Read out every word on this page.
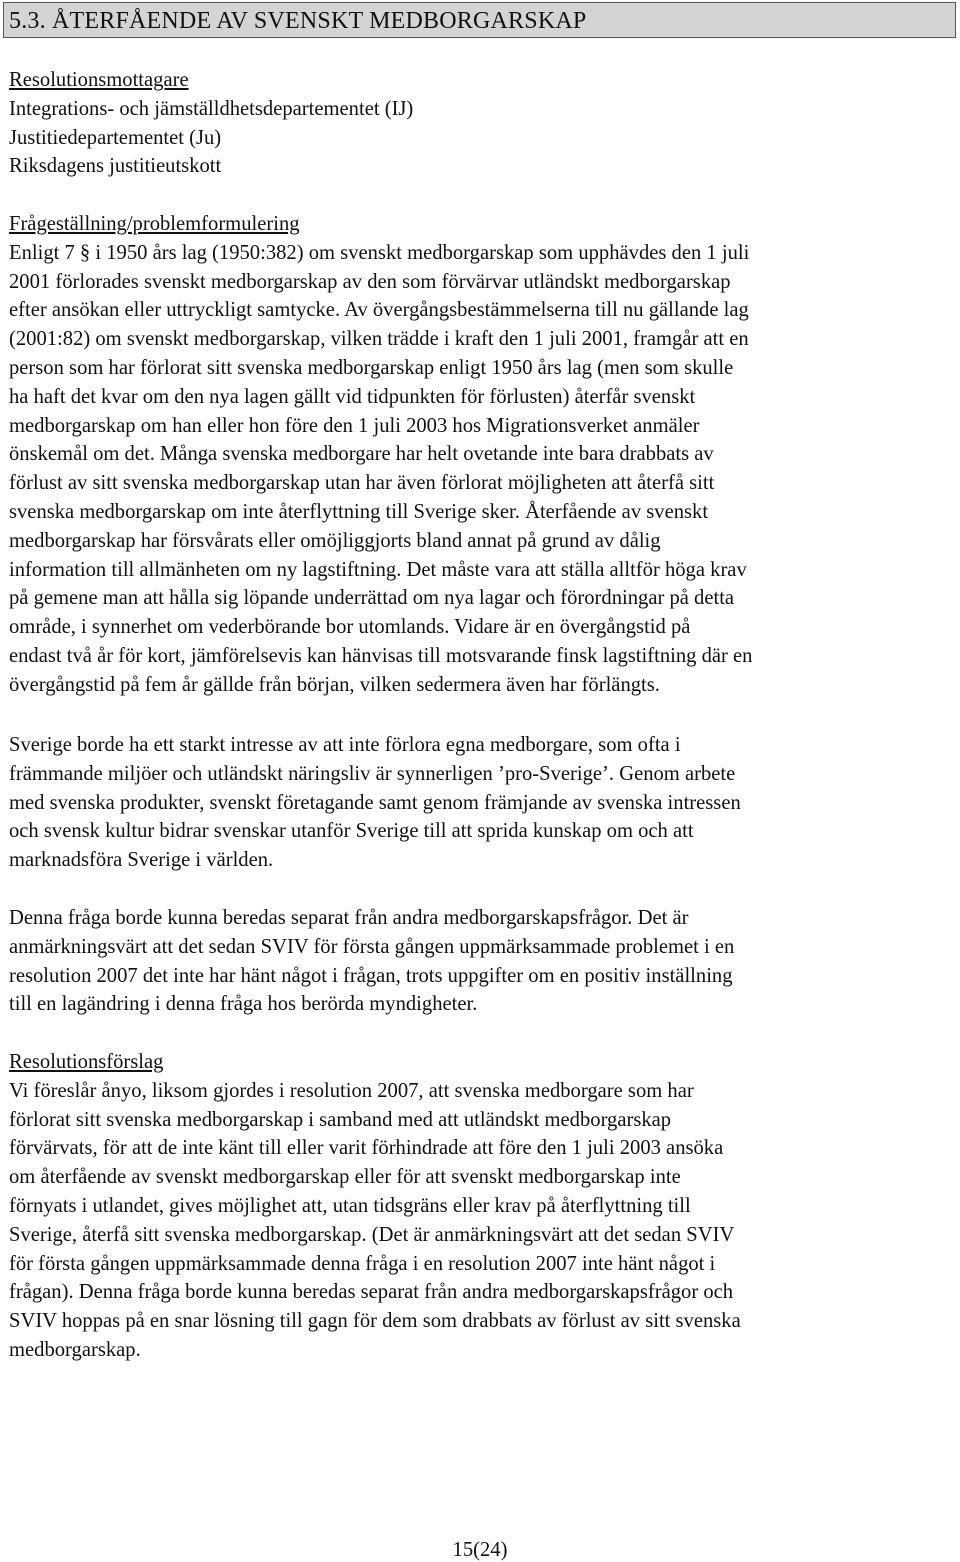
5.3. ÅTERFÅENDE AV SVENSKT MEDBORGARSKAP
Resolutionsmottagare
Integrations- och jämställdhetsdepartementet (IJ)
Justitiedepartementet (Ju)
Riksdagens justitieutskott
Frågeställning/problemformulering
Enligt 7 § i 1950 års lag (1950:382) om svenskt medborgarskap som upphävdes den 1 juli
2001 förlorades svenskt medborgarskap av den som förvärvar utländskt medborgarskap
efter ansökan eller uttryckligt samtycke. Av övergångsbestämmelserna till nu gällande lag
(2001:82) om svenskt medborgarskap, vilken trädde i kraft den 1 juli 2001, framgår att en
person som har förlorat sitt svenska medborgarskap enligt 1950 års lag (men som skulle
ha haft det kvar om den nya lagen gällt vid tidpunkten för förlusten) återfår svenskt
medborgarskap om han eller hon före den 1 juli 2003 hos Migrationsverket anmäler
önskemål om det. Många svenska medborgare har helt ovetande inte bara drabbats av
förlust av sitt svenska medborgarskap utan har även förlorat möjligheten att återfå sitt
svenska medborgarskap om inte återflyttning till Sverige sker. Återfående av svenskt
medborgarskap har försvårats eller omöjliggjorts bland annat på grund av dålig
information till allmänheten om ny lagstiftning. Det måste vara att ställa alltför höga krav
på gemene man att hålla sig löpande underrättad om nya lagar och förordningar på detta
område, i synnerhet om vederbörande bor utomlands. Vidare är en övergångstid på
endast två år för kort, jämförelsevis kan hänvisas till motsvarande finsk lagstiftning där en
övergångstid på fem år gällde från början, vilken sedermera även har förlängts.
Sverige borde ha ett starkt intresse av att inte förlora egna medborgare, som ofta i
främmande miljöer och utländskt näringsliv är synnerligen ’pro-Sverige’. Genom arbete
med svenska produkter, svenskt företagande samt genom främjande av svenska intressen
och svensk kultur bidrar svenskar utanför Sverige till att sprida kunskap om och att
marknadsföra Sverige i världen.
Denna fråga borde kunna beredas separat från andra medborgarskapsfrågor. Det är
anmärkningsvärt att det sedan SVIV för första gången uppmärksammade problemet i en
resolution 2007 det inte har hänt något i frågan, trots uppgifter om en positiv inställning
till en lagändring i denna fråga hos berörda myndigheter.
Resolutionsförslag
Vi föreslår ånyo, liksom gjordes i resolution 2007, att svenska medborgare som har
förlorat sitt svenska medborgarskap i samband med att utländskt medborgarskap
förvärvats, för att de inte känt till eller varit förhindrade att före den 1 juli 2003 ansöka
om återfående av svenskt medborgarskap eller för att svenskt medborgarskap inte
förnyats i utlandet, gives möjlighet att, utan tidsgräns eller krav på återflyttning till
Sverige, återfå sitt svenska medborgarskap. (Det är anmärkningsvärt att det sedan SVIV
för första gången uppmärksammade denna fråga i en resolution 2007 inte hänt något i
frågan). Denna fråga borde kunna beredas separat från andra medborgarskapsfrågor och
SVIV hoppas på en snar lösning till gagn för dem som drabbats av förlust av sitt svenska
medborgarskap.
15(24)
